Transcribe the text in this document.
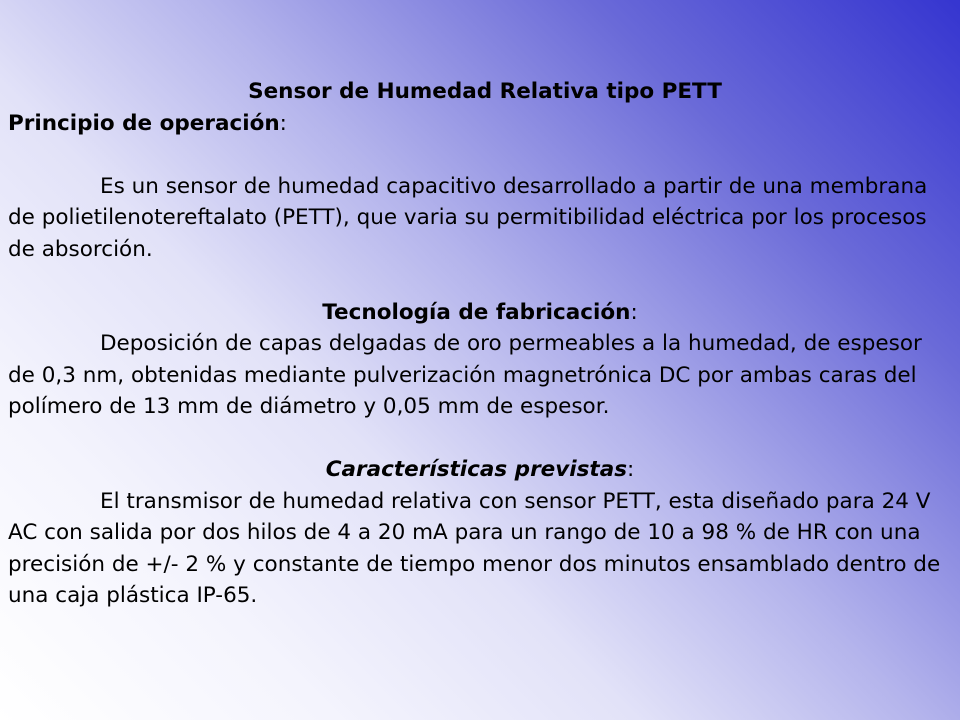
Sensor de Humedad Relativa tipo PETT

Principio de operación:

Es un sensor de humedad capacitivo desarrollado a partir de una membrana de polietilenotereftalato (PETT), que varia su permitibilidad eléctrica por los procesos de absorción.

Tecnología de fabricación:

Deposición de capas delgadas de oro permeables a la humedad, de espesor de 0,3 nm, obtenidas mediante pulverización magnetrónica DC por ambas caras del polímero de 13 mm de diámetro y 0,05 mm de espesor.

Características previstas:

El transmisor de humedad relativa con sensor PETT, esta diseñado para 24 V AC con salida por dos hilos de 4 a 20 mA para un rango de 10 a 98 % de HR con una precisión de +/- 2 % y constante de tiempo menor dos minutos ensamblado dentro de una caja plástica IP-65.
